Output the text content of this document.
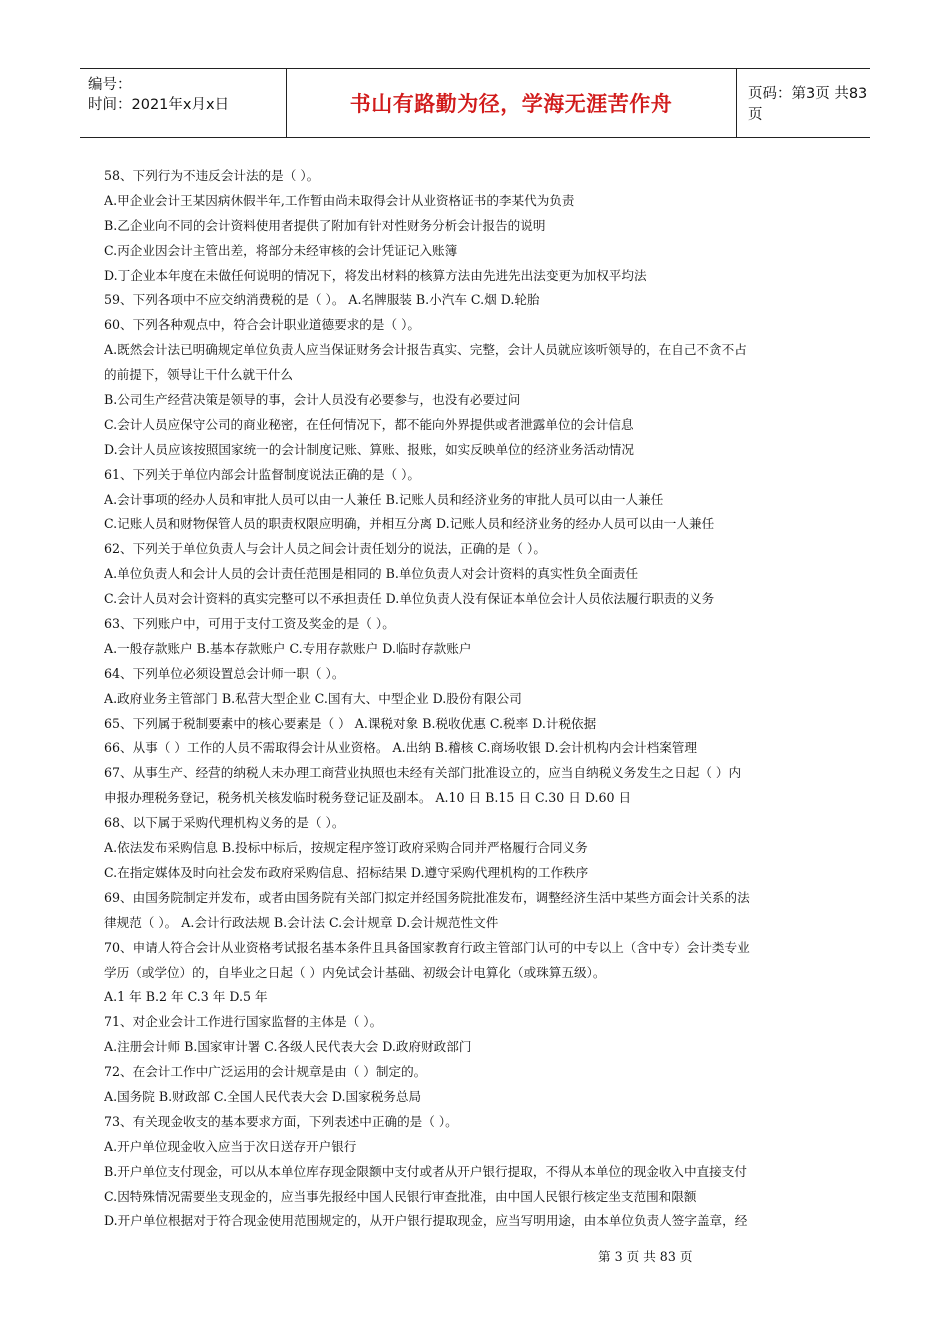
编号：
时间：2021年x月x日	书山有路勤为径，学海无涯苦作舟	页码：第3页 共83页
58、下列行为不违反会计法的是（ ）。
A.甲企业会计王某因病休假半年,工作暂由尚未取得会计从业资格证书的李某代为负责
B.乙企业向不同的会计资料使用者提供了附加有针对性财务分析会计报告的说明
C.丙企业因会计主管出差，将部分未经审核的会计凭证记入账簿
D.丁企业本年度在未做任何说明的情况下，将发出材料的核算方法由先进先出法变更为加权平均法
59、下列各项中不应交纳消费税的是（ ）。 A.名牌服装 B.小汽车 C.烟 D.轮胎
60、下列各种观点中，符合会计职业道德要求的是（ ）。
A.既然会计法已明确规定单位负责人应当保证财务会计报告真实、完整，会计人员就应该听领导的，在自己不贪不占
的前提下，领导让干什么就干什么
B.公司生产经营决策是领导的事，会计人员没有必要参与，也没有必要过问
C.会计人员应保守公司的商业秘密，在任何情况下，都不能向外界提供或者泄露单位的会计信息
D.会计人员应该按照国家统一的会计制度记账、算账、报账，如实反映单位的经济业务活动情况
61、下列关于单位内部会计监督制度说法正确的是（ ）。
A.会计事项的经办人员和审批人员可以由一人兼任 B.记账人员和经济业务的审批人员可以由一人兼任
C.记账人员和财物保管人员的职责权限应明确，并相互分离 D.记账人员和经济业务的经办人员可以由一人兼任
62、下列关于单位负责人与会计人员之间会计责任划分的说法，正确的是（ ）。
A.单位负责人和会计人员的会计责任范围是相同的 B.单位负责人对会计资料的真实性负全面责任
C.会计人员对会计资料的真实完整可以不承担责任 D.单位负责人没有保证本单位会计人员依法履行职责的义务
63、下列账户中，可用于支付工资及奖金的是（ ）。
A.一般存款账户 B.基本存款账户 C.专用存款账户 D.临时存款账户
64、下列单位必须设置总会计师一职（ ）。
A.政府业务主管部门 B.私营大型企业 C.国有大、中型企业 D.股份有限公司
65、下列属于税制要素中的核心要素是（ ） A.课税对象 B.税收优惠 C.税率 D.计税依据
66、从事（ ）工作的人员不需取得会计从业资格。 A.出纳 B.稽核 C.商场收银 D.会计机构内会计档案管理
67、从事生产、经营的纳税人未办理工商营业执照也未经有关部门批准设立的，应当自纳税义务发生之日起（ ）内
申报办理税务登记，税务机关核发临时税务登记证及副本。 A.10 日 B.15 日 C.30 日 D.60 日
68、以下属于采购代理机构义务的是（ ）。
A.依法发布采购信息 B.投标中标后，按规定程序签订政府采购合同并严格履行合同义务
C.在指定媒体及时向社会发布政府采购信息、招标结果 D.遵守采购代理机构的工作秩序
69、由国务院制定并发布，或者由国务院有关部门拟定并经国务院批准发布，调整经济生活中某些方面会计关系的法
律规范（ ）。 A.会计行政法规 B.会计法 C.会计规章 D.会计规范性文件
70、申请人符合会计从业资格考试报名基本条件且具备国家教育行政主管部门认可的中专以上（含中专）会计类专业
学历（或学位）的，自毕业之日起（ ）内免试会计基础、初级会计电算化（或珠算五级）。
A.1 年 B.2 年 C.3 年 D.5 年
71、对企业会计工作进行国家监督的主体是（ ）。
A.注册会计师 B.国家审计署 C.各级人民代表大会 D.政府财政部门
72、在会计工作中广泛运用的会计规章是由（ ）制定的。
A.国务院 B.财政部 C.全国人民代表大会 D.国家税务总局
73、有关现金收支的基本要求方面，下列表述中正确的是（ ）。
A.开户单位现金收入应当于次日送存开户银行
B.开户单位支付现金，可以从本单位库存现金限额中支付或者从开户银行提取，不得从本单位的现金收入中直接支付
C.因特殊情况需要坐支现金的，应当事先报经中国人民银行审查批准，由中国人民银行核定坐支范围和限额
D.开户单位根据对于符合现金使用范围规定的，从开户银行提取现金，应当写明用途，由本单位负责人签字盖章，经
第 3 页 共 83 页
